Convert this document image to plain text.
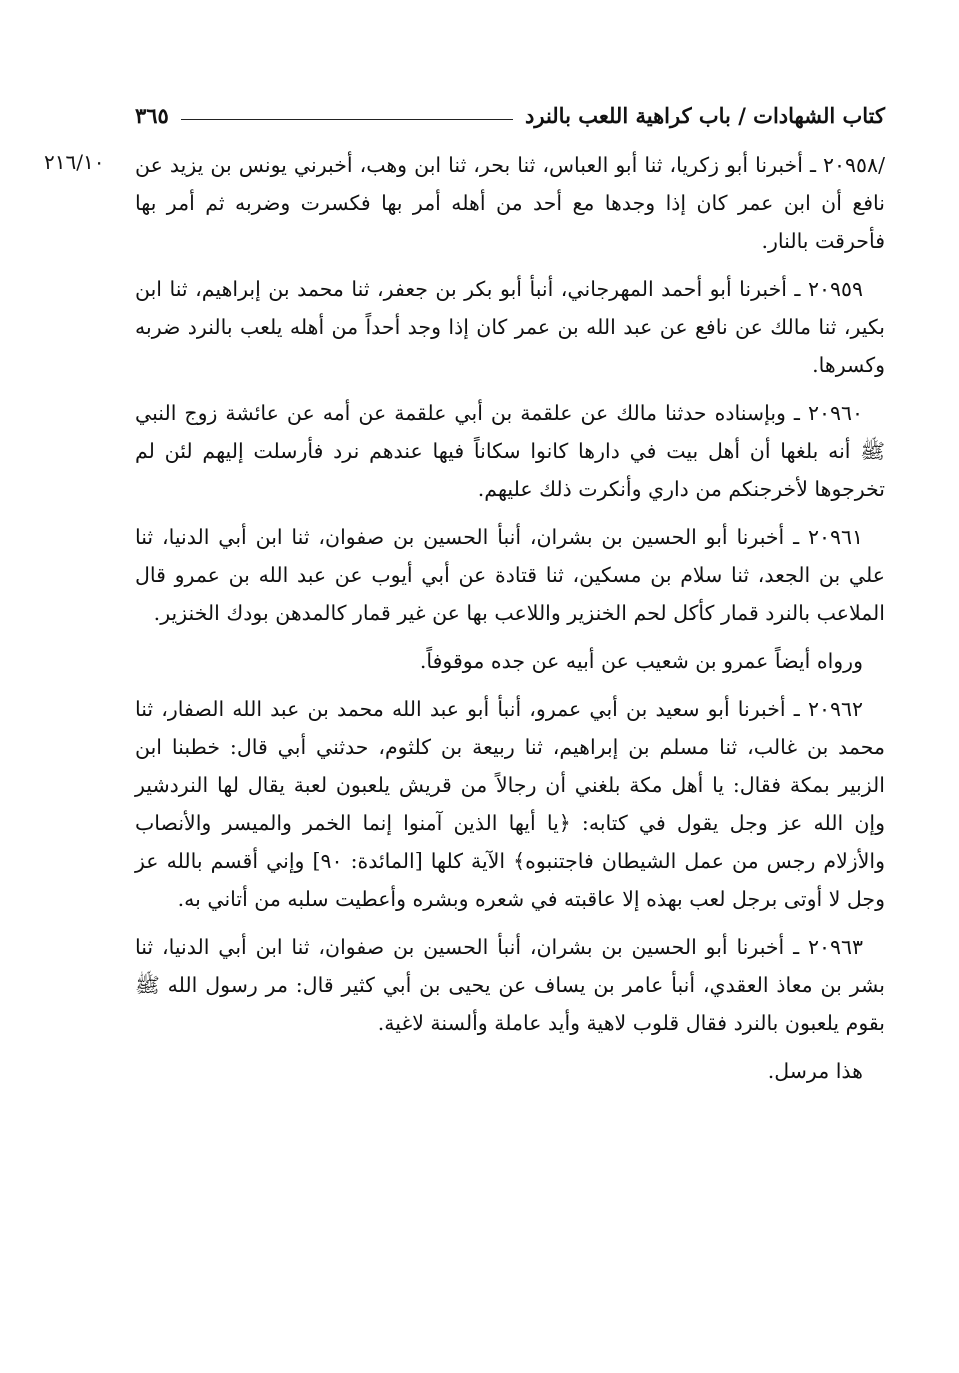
كتاب الشهادات / باب كراهية اللعب بالنرد
٣٦٥
٢١٦/١٠ /٢٠٩٥٨ ـ أخبرنا أبو زكريا، ثنا أبو العباس، ثنا بحر، ثنا ابن وهب، أخبرني يونس بن يزيد عن نافع أن ابن عمر كان إذا وجدها مع أحد من أهله أمر بها فكسرت وضربه ثم أمر بها فأحرقت بالنار.

٢٠٩٥٩ ـ أخبرنا أبو أحمد المهرجاني، أنبأ أبو بكر بن جعفر، ثنا محمد بن إبراهيم، ثنا ابن بكير، ثنا مالك عن نافع عن عبد الله بن عمر كان إذا وجد أحداً من أهله يلعب بالنرد ضربه وكسرها.

٢٠٩٦٠ ـ وبإسناده حدثنا مالك عن علقمة بن أبي علقمة عن أمه عن عائشة زوج النبي ﷺ أنه بلغها أن أهل بيت في دارها كانوا سكاناً فيها عندهم نرد فأرسلت إليهم لئن لم تخرجوها لأخرجنكم من داري وأنكرت ذلك عليهم.

٢٠٩٦١ ـ أخبرنا أبو الحسين بن بشران، أنبأ الحسين بن صفوان، ثنا ابن أبي الدنيا، ثنا علي بن الجعد، ثنا سلام بن مسكين، ثنا قتادة عن أبي أيوب عن عبد الله بن عمرو قال الملاعب بالنرد قمار كأكل لحم الخنزير واللاعب بها عن غير قمار كالمدهن بودك الخنزير.

ورواه أيضاً عمرو بن شعيب عن أبيه عن جده موقوفاً.

٢٠٩٦٢ ـ أخبرنا أبو سعيد بن أبي عمرو، أنبأ أبو عبد الله محمد بن عبد الله الصفار، ثنا محمد بن غالب، ثنا مسلم بن إبراهيم، ثنا ربيعة بن كلثوم، حدثني أبي قال: خطبنا ابن الزبير بمكة فقال: يا أهل مكة بلغني أن رجالاً من قريش يلعبون لعبة يقال لها النردشير وإن الله عز وجل يقول في كتابه: ﴿يا أيها الذين آمنوا إنما الخمر والميسر والأنصاب والأزلام رجس من عمل الشيطان فاجتنبوه﴾ الآية كلها [المائدة: ٩٠] وإني أقسم بالله عز وجل لا أوتى برجل لعب بهذه إلا عاقبته في شعره وبشره وأعطيت سلبه من أتاني به.

٢٠٩٦٣ ـ أخبرنا أبو الحسين بن بشران، أنبأ الحسين بن صفوان، ثنا ابن أبي الدنيا، ثنا بشر بن معاذ العقدي، أنبأ عامر بن يساف عن يحيى بن أبي كثير قال: مر رسول الله ﷺ بقوم يلعبون بالنرد فقال قلوب لاهية وأيد عاملة وألسنة لاغية.

هذا مرسل.
